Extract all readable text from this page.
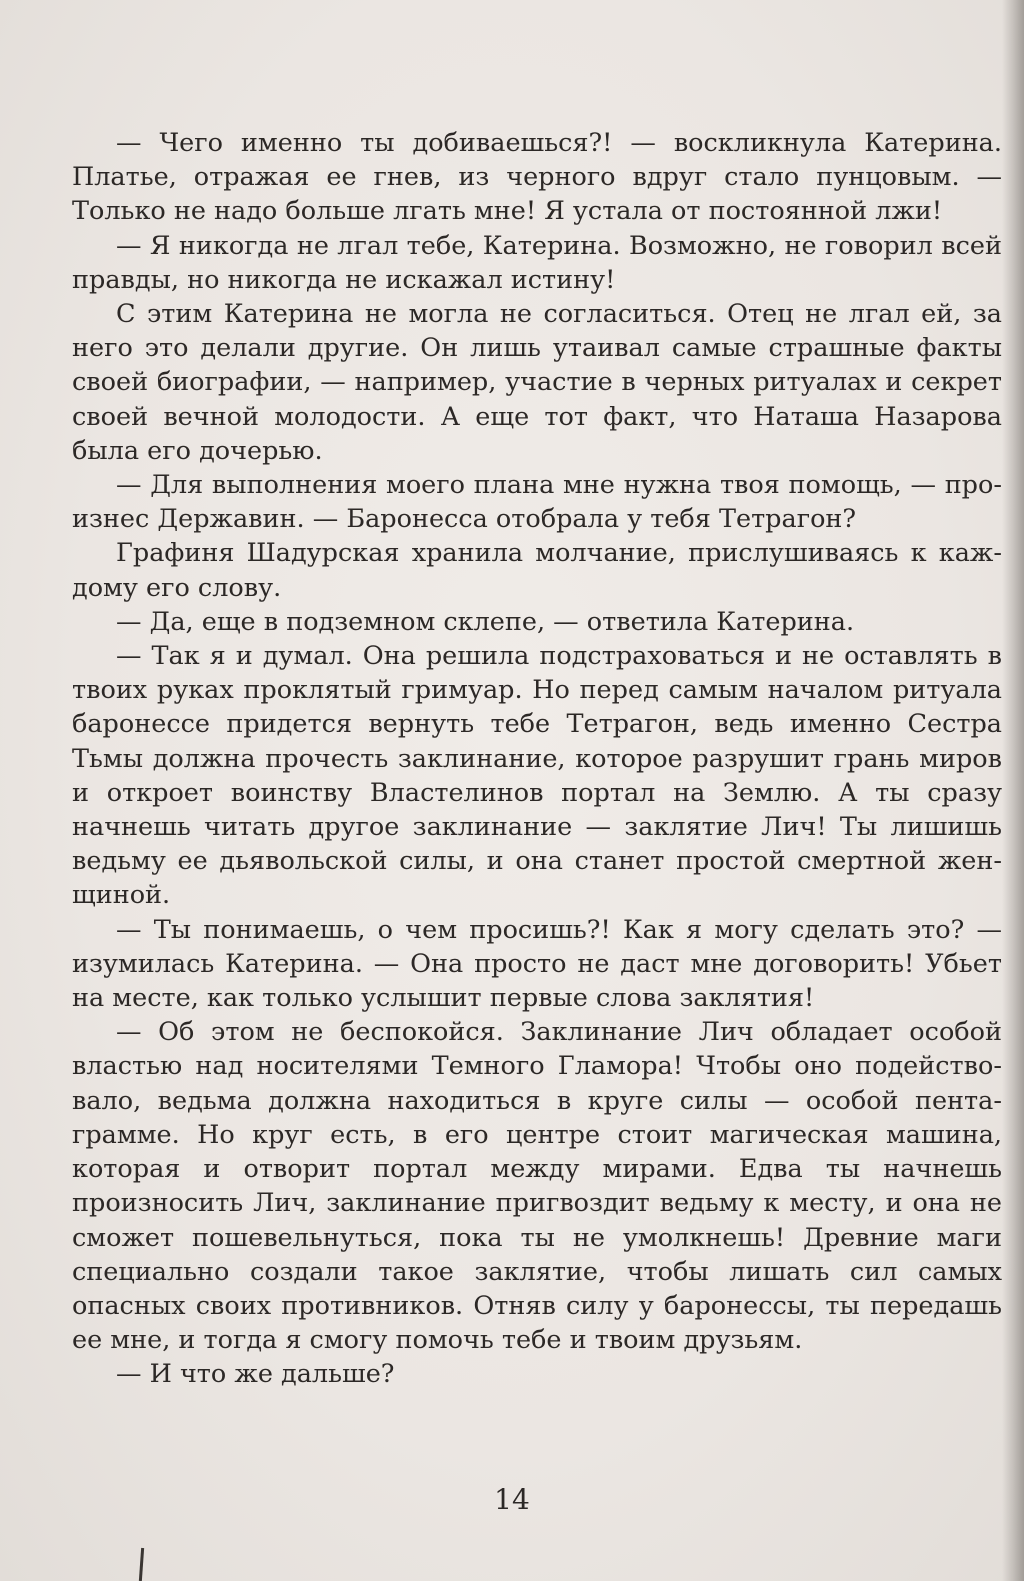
— Чего именно ты добиваешься?! — воскликнула Катерина. Платье, отражая ее гнев, из черного вдруг стало пунцовым. — Только не надо больше лгать мне! Я устала от постоянной лжи!

— Я никогда не лгал тебе, Катерина. Возможно, не говорил всей правды, но никогда не искажал истину!

С этим Катерина не могла не согласиться. Отец не лгал ей, за него это делали другие. Он лишь утаивал самые страшные факты своей биографии, — например, участие в черных ритуалах и секрет своей вечной молодости. А еще тот факт, что Наташа Назарова была его дочерью.

— Для выполнения моего плана мне нужна твоя помощь, — произнес Державин. — Баронесса отобрала у тебя Тетрагон?

Графиня Шадурская хранила молчание, прислушиваясь к каждому его слову.

— Да, еще в подземном склепе, — ответила Катерина.

— Так я и думал. Она решила подстраховаться и не оставлять в твоих руках проклятый гримуар. Но перед самым началом ритуала баронессе придется вернуть тебе Тетрагон, ведь именно Сестра Тьмы должна прочесть заклинание, которое разрушит грань миров и откроет воинству Властелинов портал на Землю. А ты сразу начнешь читать другое заклинание — заклятие Лич! Ты лишишь ведьму ее дьявольской силы, и она станет простой смертной женщиной.

— Ты понимаешь, о чем просишь?! Как я могу сделать это? — изумилась Катерина. — Она просто не даст мне договорить! Убьет на месте, как только услышит первые слова заклятия!

— Об этом не беспокойся. Заклинание Лич обладает особой властью над носителями Темного Гламора! Чтобы оно подействовало, ведьма должна находиться в круге силы — особой пентаграмме. Но круг есть, в его центре стоит магическая машина, которая и отворит портал между мирами. Едва ты начнешь произносить Лич, заклинание пригвоздит ведьму к месту, и она не сможет пошевельнуться, пока ты не умолкнешь! Древние маги специально создали такое заклятие, чтобы лишать сил самых опасных своих противников. Отняв силу у баронессы, ты передашь ее мне, и тогда я смогу помочь тебе и твоим друзьям.

— И что же дальше?

14
